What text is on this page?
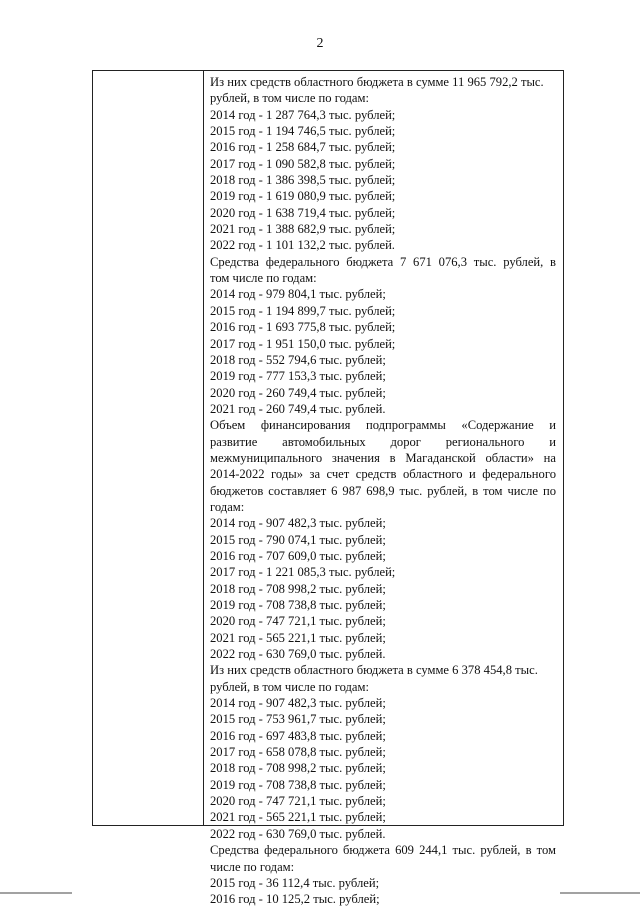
2
Из них средств областного бюджета в сумме 11 965 792,2 тыс.
рублей, в том числе по годам:
2014 год - 1 287 764,3 тыс. рублей;
2015 год - 1 194 746,5 тыс. рублей;
2016 год - 1 258 684,7 тыс. рублей;
2017 год - 1 090 582,8 тыс. рублей;
2018 год - 1 386 398,5 тыс. рублей;
2019 год - 1 619 080,9 тыс. рублей;
2020 год - 1 638 719,4 тыс. рублей;
2021 год - 1 388 682,9 тыс. рублей;
2022 год - 1 101 132,2 тыс. рублей.
Средства федерального бюджета 7 671 076,3 тыс. рублей, в
том числе по годам:
2014 год - 979 804,1 тыс. рублей;
2015 год - 1 194 899,7 тыс. рублей;
2016 год - 1 693 775,8 тыс. рублей;
2017 год - 1 951 150,0 тыс. рублей;
2018 год - 552 794,6 тыс. рублей;
2019 год - 777 153,3 тыс. рублей;
2020 год - 260 749,4 тыс. рублей;
2021 год - 260 749,4 тыс. рублей.
Объем финансирования подпрограммы «Содержание и
развитие автомобильных дорог регионального и
межмуниципального значения в Магаданской области» на
2014-2022 годы» за счет средств областного и федерального
бюджетов составляет 6 987 698,9 тыс. рублей, в том числе по
годам:
2014 год - 907 482,3 тыс. рублей;
2015 год - 790 074,1 тыс. рублей;
2016 год - 707 609,0 тыс. рублей;
2017 год - 1 221 085,3 тыс. рублей;
2018 год - 708 998,2 тыс. рублей;
2019 год - 708 738,8 тыс. рублей;
2020 год - 747 721,1 тыс. рублей;
2021 год - 565 221,1 тыс. рублей;
2022 год - 630 769,0 тыс. рублей.
Из них средств областного бюджета в сумме 6 378 454,8 тыс.
рублей, в том числе по годам:
2014 год - 907 482,3 тыс. рублей;
2015 год - 753 961,7 тыс. рублей;
2016 год - 697 483,8 тыс. рублей;
2017 год - 658 078,8 тыс. рублей;
2018 год - 708 998,2 тыс. рублей;
2019 год - 708 738,8 тыс. рублей;
2020 год - 747 721,1 тыс. рублей;
2021 год - 565 221,1 тыс. рублей;
2022 год - 630 769,0 тыс. рублей.
Средства федерального бюджета 609 244,1 тыс. рублей, в том
числе по годам:
2015 год - 36 112,4 тыс. рублей;
2016 год - 10 125,2 тыс. рублей;
